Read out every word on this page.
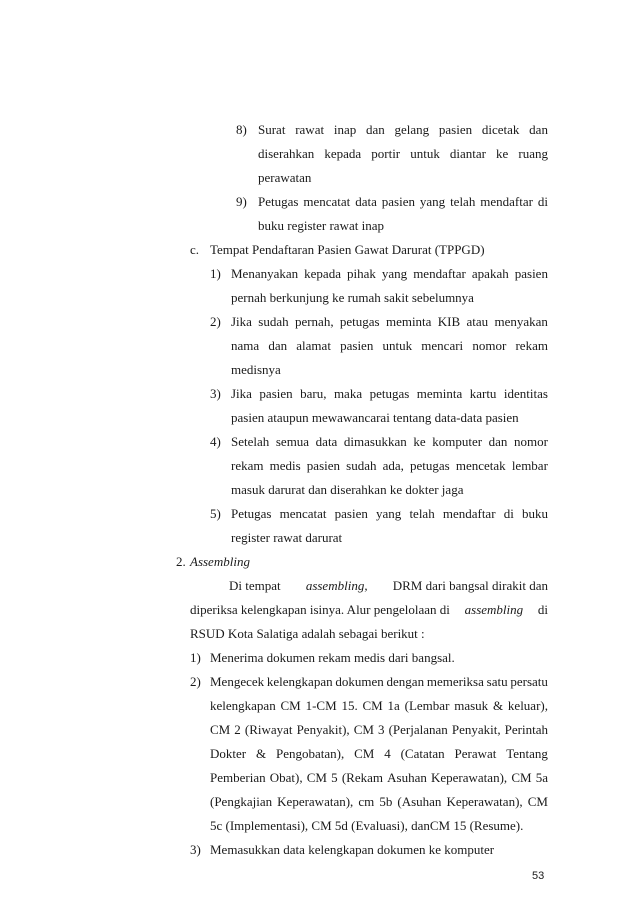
8) Surat rawat inap dan gelang pasien dicetak dan
diserahkan kepada portir untuk diantar ke ruang
perawatan
9) Petugas mencatat data pasien yang telah mendaftar di
buku register rawat inap
c. Tempat Pendaftaran Pasien Gawat Darurat (TPPGD)
1) Menanyakan kepada pihak yang mendaftar apakah pasien
pernah berkunjung ke rumah sakit sebelumnya
2) Jika sudah pernah, petugas meminta KIB atau menyakan
nama dan alamat pasien untuk mencari nomor rekam
medisnya
3) Jika pasien baru, maka petugas meminta kartu identitas
pasien ataupun mewawancarai tentang data-data pasien
4) Setelah semua data dimasukkan ke komputer dan nomor
rekam medis pasien sudah ada, petugas mencetak lembar
masuk darurat dan diserahkan ke dokter jaga
5) Petugas mencatat pasien yang telah mendaftar di buku
register rawat darurat
2. Assembling
Di tempat assembling, DRM dari bangsal dirakit dan
diperiksa kelengkapan isinya. Alur pengelolaan di assembling di
RSUD Kota Salatiga adalah sebagai berikut :
1) Menerima dokumen rekam medis dari bangsal.
2) Mengecek kelengkapan dokumen dengan memeriksa satu persatu
kelengkapan CM 1-CM 15. CM 1a (Lembar masuk & keluar),
CM 2 (Riwayat Penyakit), CM 3 (Perjalanan Penyakit, Perintah
Dokter & Pengobatan), CM 4 (Catatan Perawat Tentang
Pemberian Obat), CM 5 (Rekam Asuhan Keperawatan), CM 5a
(Pengkajian Keperawatan), cm 5b (Asuhan Keperawatan), CM
5c (Implementasi), CM 5d (Evaluasi), danCM 15 (Resume).
3) Memasukkan data kelengkapan dokumen ke komputer
53
